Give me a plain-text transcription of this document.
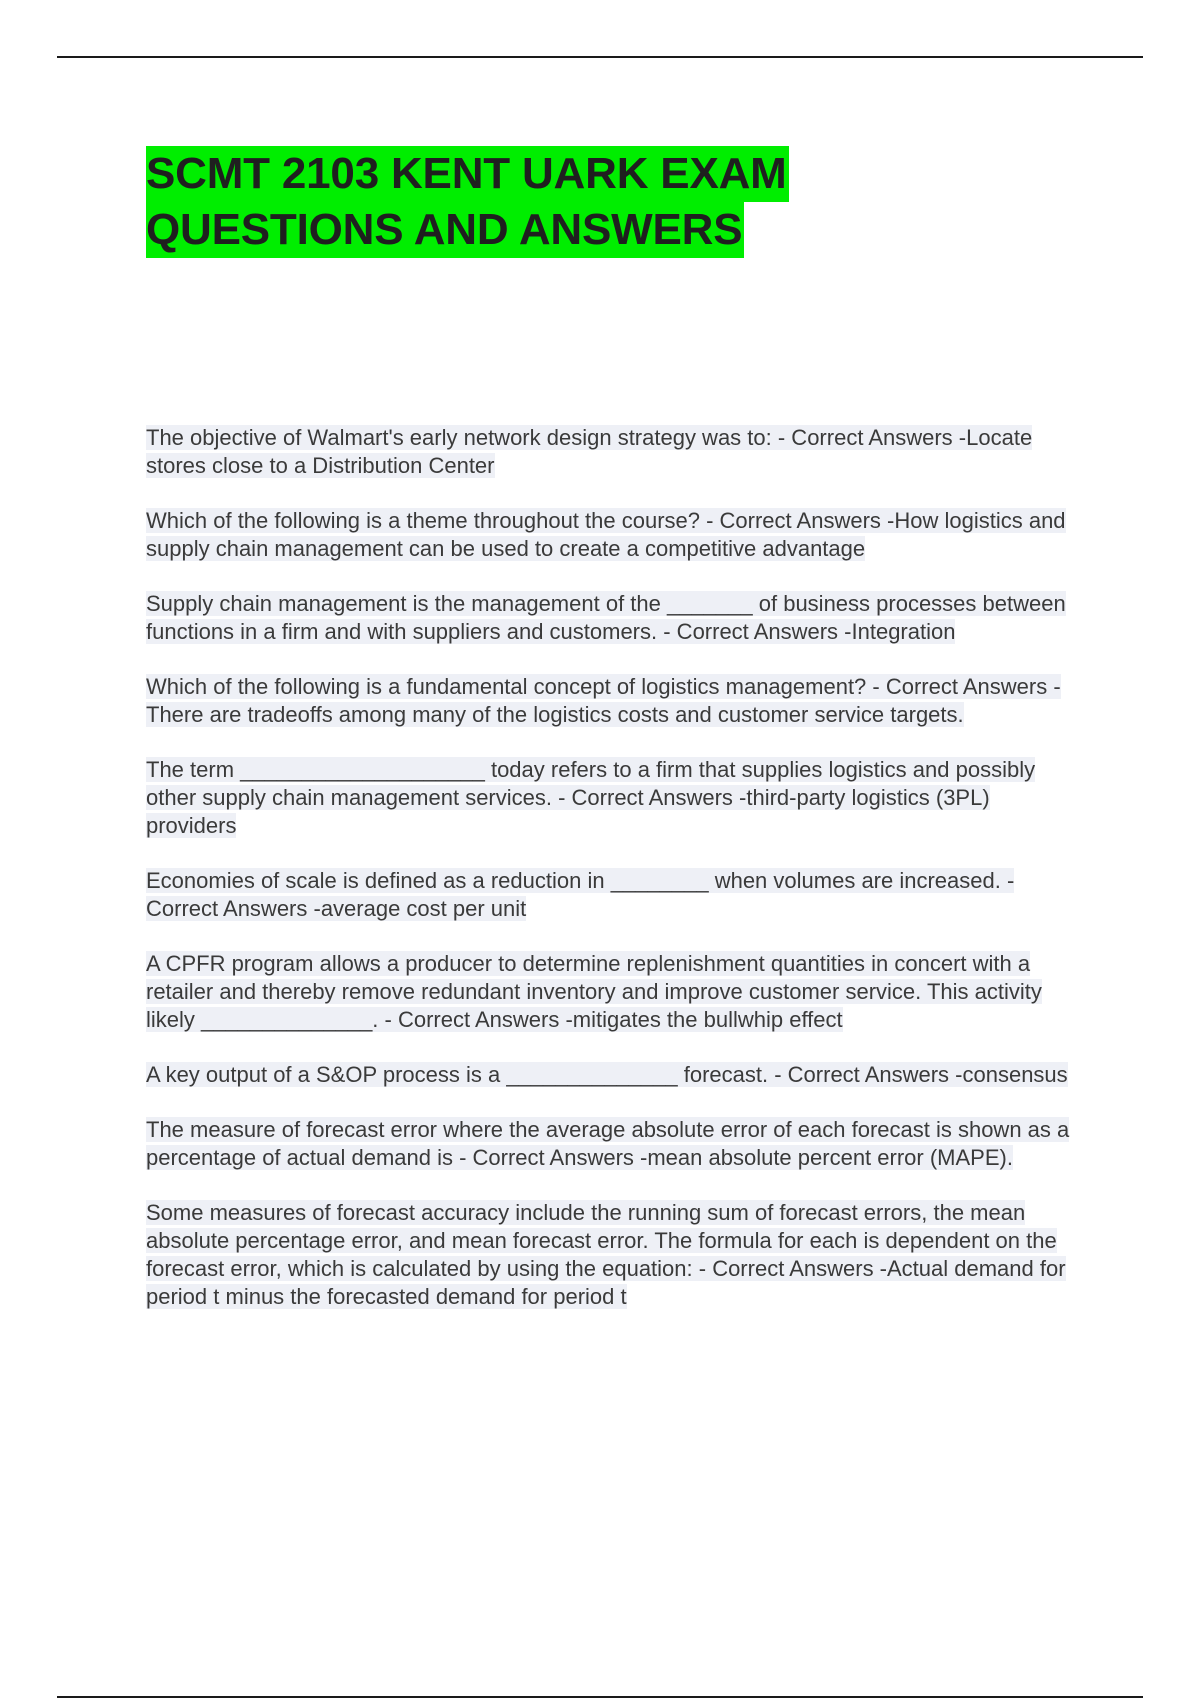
SCMT 2103 KENT UARK EXAM
QUESTIONS AND ANSWERS

The objective of Walmart's early network design strategy was to: - Correct Answers -Locate stores close to a Distribution Center

Which of the following is a theme throughout the course? - Correct Answers -How logistics and supply chain management can be used to create a competitive advantage

Supply chain management is the management of the _______ of business processes between functions in a firm and with suppliers and customers. - Correct Answers -Integration

Which of the following is a fundamental concept of logistics management? - Correct Answers -There are tradeoffs among many of the logistics costs and customer service targets.

The term ____________________ today refers to a firm that supplies logistics and possibly other supply chain management services. - Correct Answers -third-party logistics (3PL) providers

Economies of scale is defined as a reduction in ________ when volumes are increased. - Correct Answers -average cost per unit

A CPFR program allows a producer to determine replenishment quantities in concert with a retailer and thereby remove redundant inventory and improve customer service. This activity likely ______________. - Correct Answers -mitigates the bullwhip effect

A key output of a S&OP process is a ______________ forecast. - Correct Answers -consensus

The measure of forecast error where the average absolute error of each forecast is shown as a percentage of actual demand is - Correct Answers -mean absolute percent error (MAPE).

Some measures of forecast accuracy include the running sum of forecast errors, the mean absolute percentage error, and mean forecast error. The formula for each is dependent on the forecast error, which is calculated by using the equation: - Correct Answers -Actual demand for period t minus the forecasted demand for period t
